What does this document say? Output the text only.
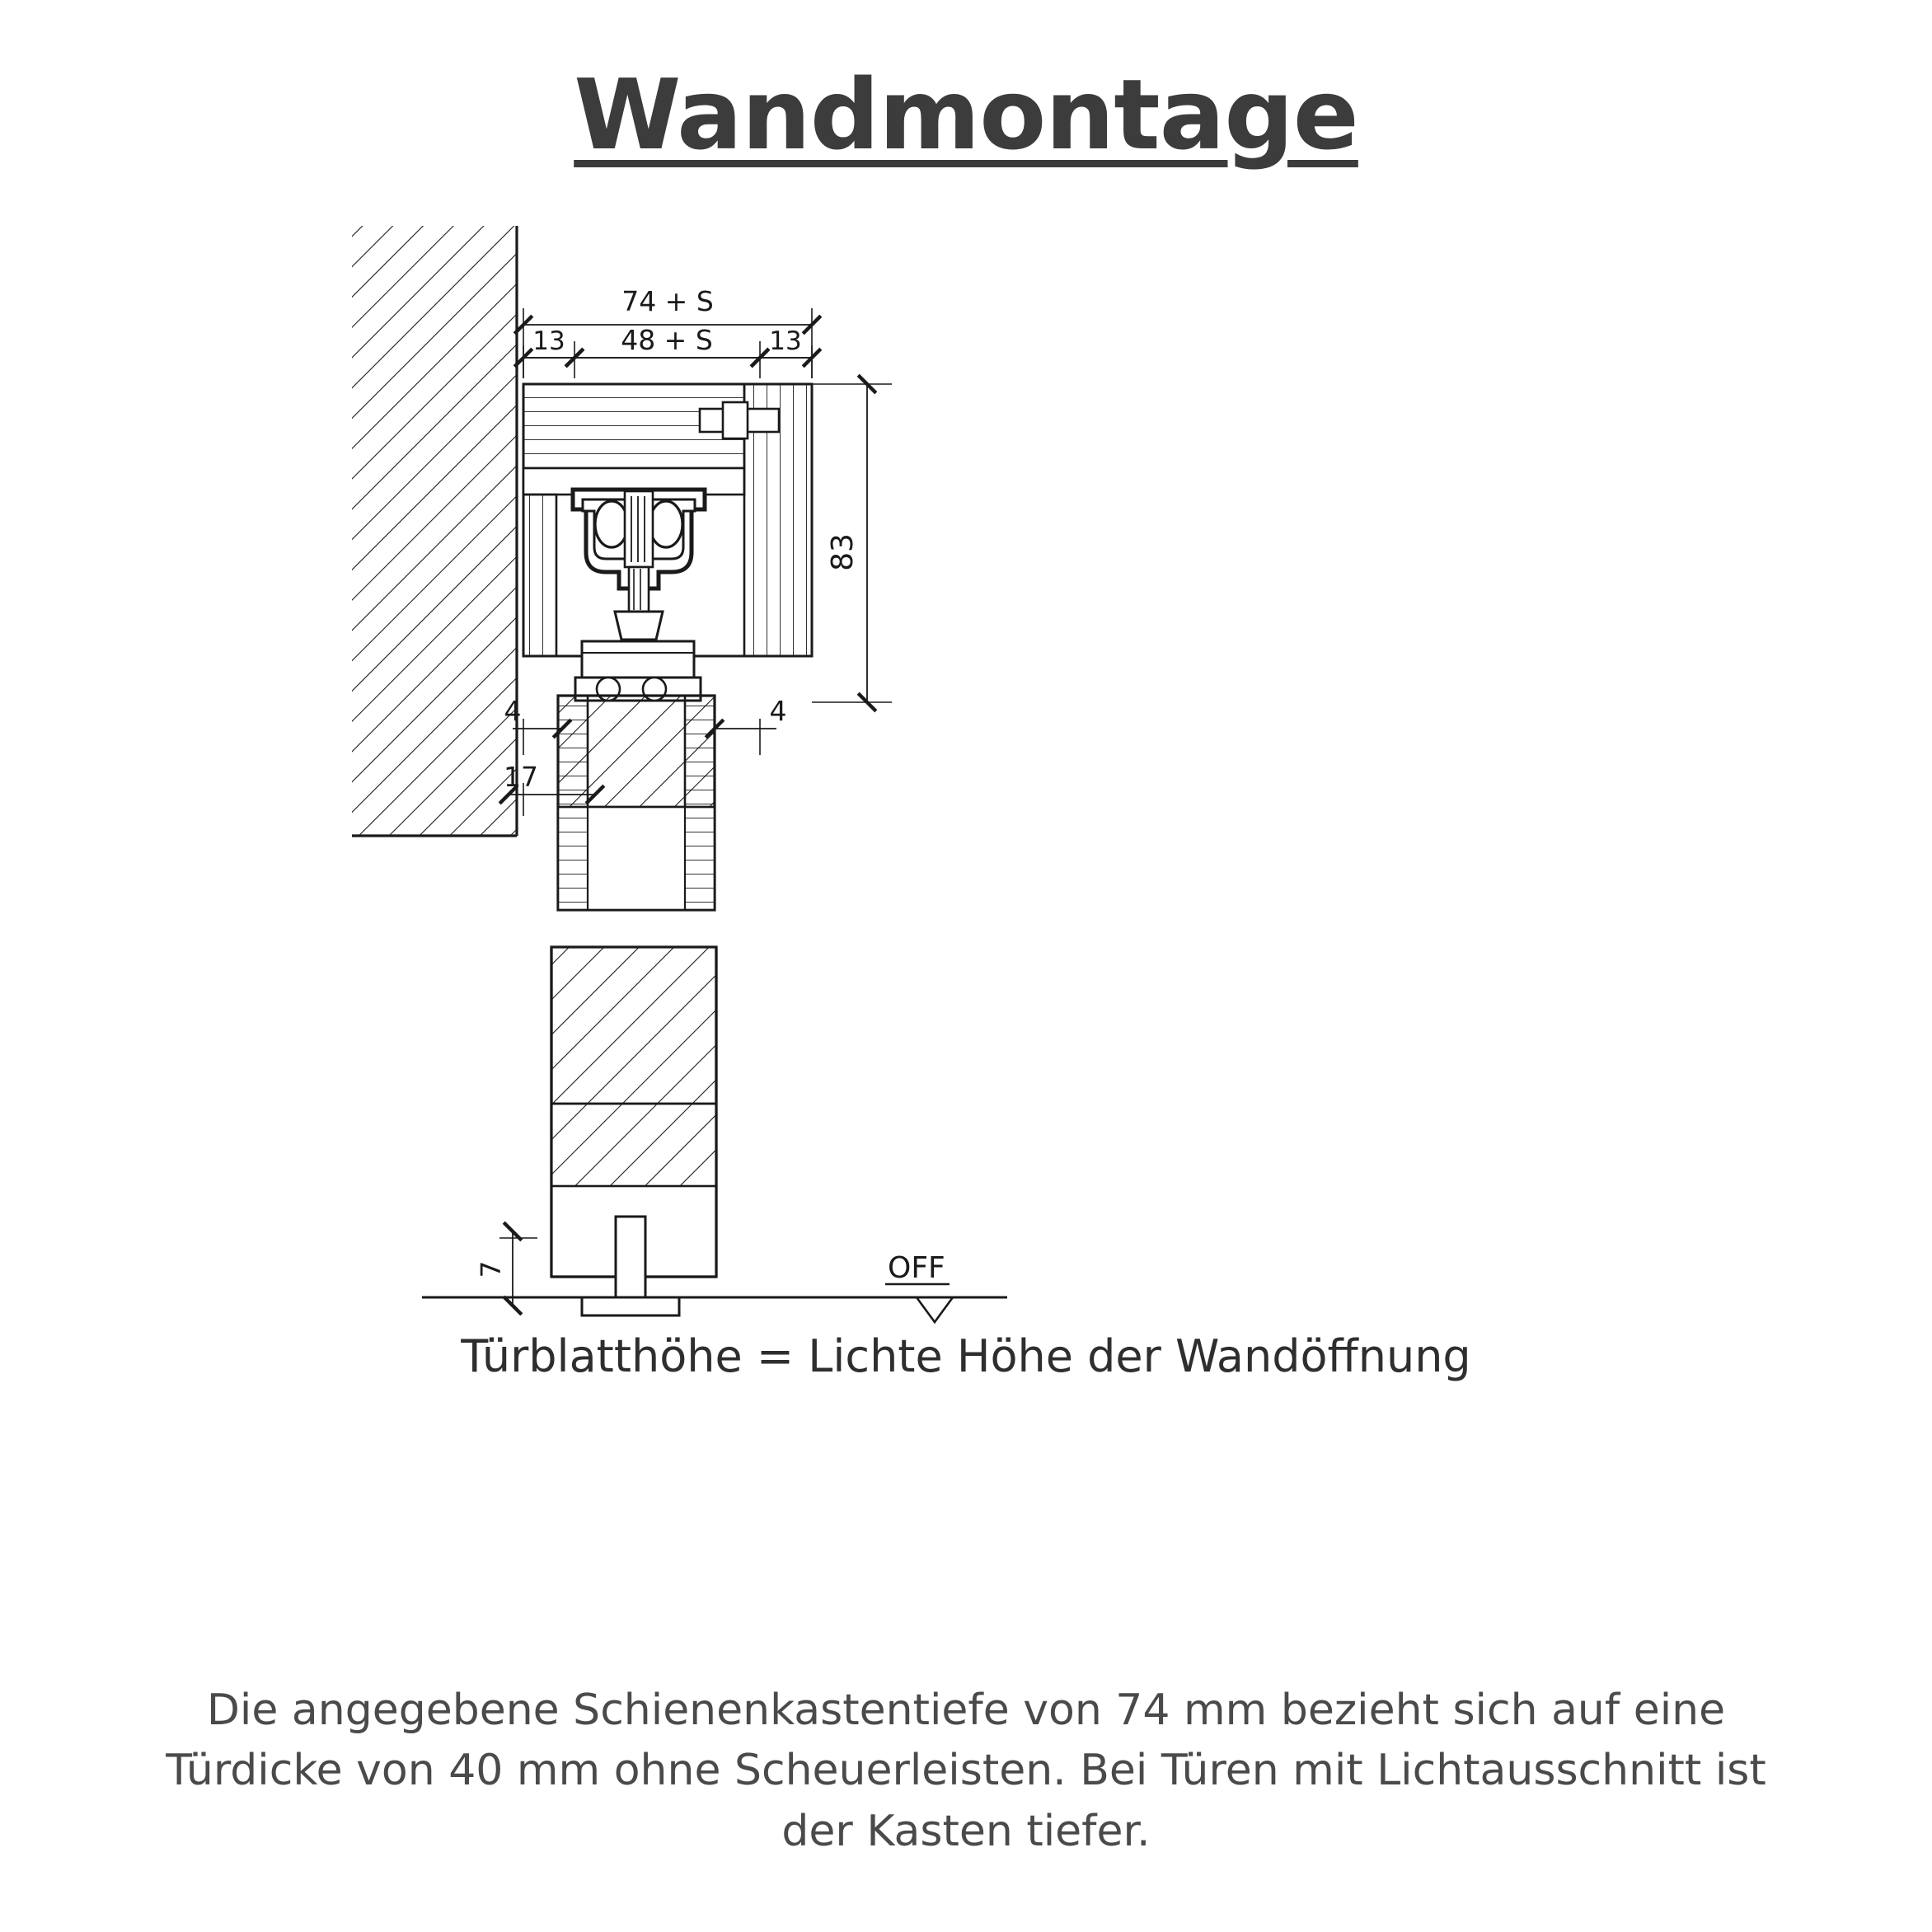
Wandmontage
74 + S
13 48 + S 13
83
4	4
17
7	OFF
Türblatthöhe = Lichte Höhe der Wandöffnung
Die angegebene Schienenkastentiefe von 74 mm bezieht sich auf eine
Türdicke von 40 mm ohne Scheuerleisten. Bei Türen mit Lichtausschnitt ist
der Kasten tiefer.
